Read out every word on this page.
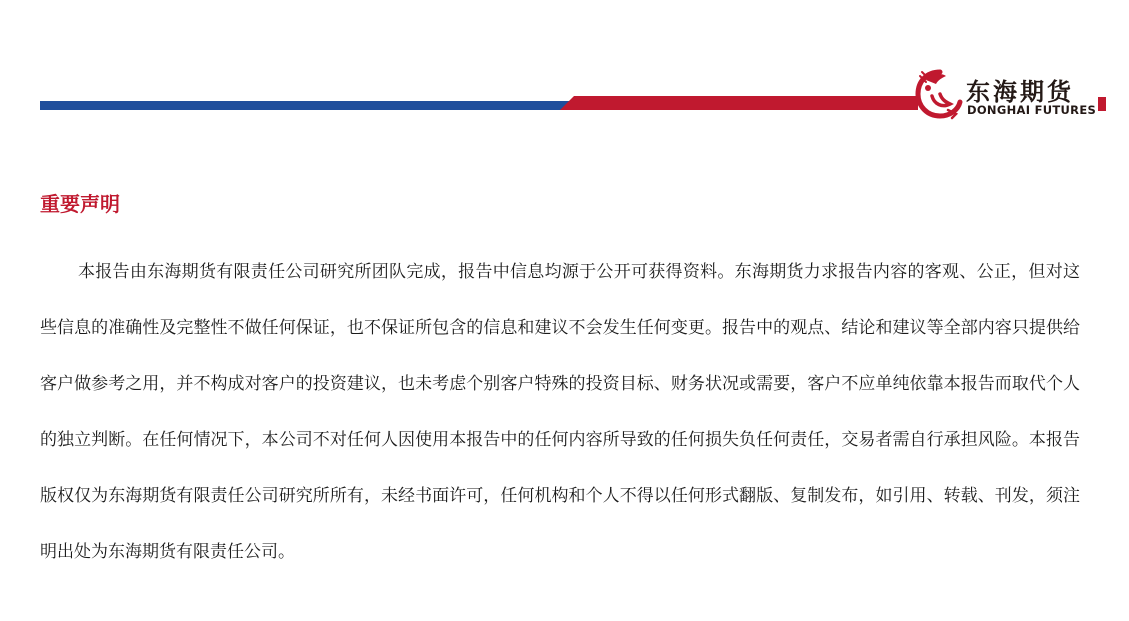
东海期货
DONGHAI FUTURES
重要声明

本报告由东海期货有限责任公司研究所团队完成，报告中信息均源于公开可获得资料。东海期货力求报告内容的客观、公正，但对这些信息的准确性及完整性不做任何保证，也不保证所包含的信息和建议不会发生任何变更。报告中的观点、结论和建议等全部内容只提供给客户做参考之用，并不构成对客户的投资建议，也未考虑个别客户特殊的投资目标、财务状况或需要，客户不应单纯依靠本报告而取代个人的独立判断。在任何情况下，本公司不对任何人因使用本报告中的任何内容所导致的任何损失负任何责任，交易者需自行承担风险。本报告版权仅为东海期货有限责任公司研究所所有，未经书面许可，任何机构和个人不得以任何形式翻版、复制发布，如引用、转载、刊发，须注明出处为东海期货有限责任公司。
